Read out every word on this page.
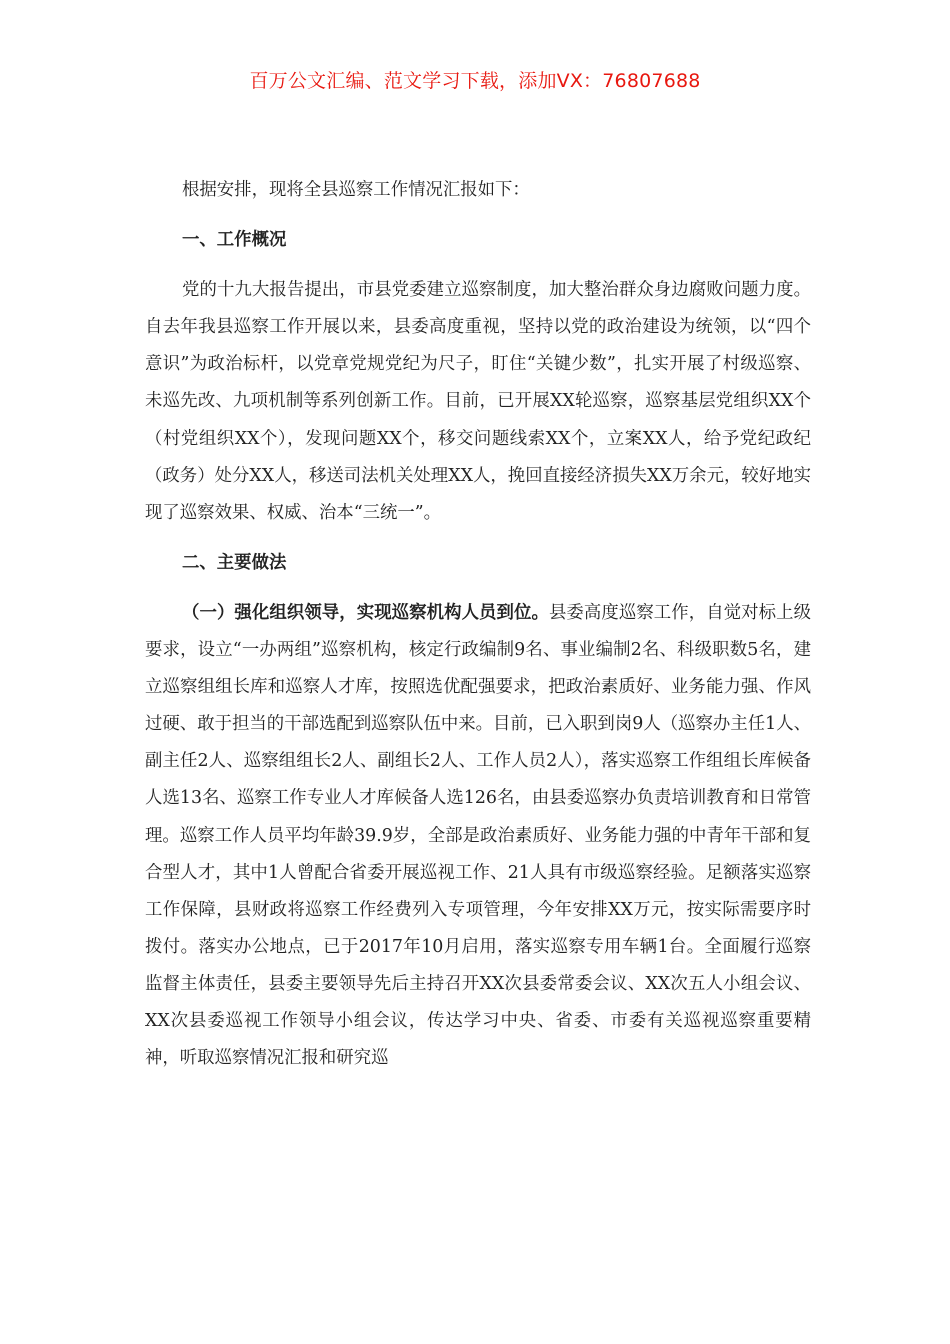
百万公文汇编、范文学习下载，添加VX：76807688

根据安排，现将全县巡察工作情况汇报如下：

一、工作概况

党的十九大报告提出，市县党委建立巡察制度，加大整治群众身边腐败问题力度。自去年我县巡察工作开展以来，县委高度重视，坚持以党的政治建设为统领，以“四个意识”为政治标杆，以党章党规党纪为尺子，盯住“关键少数”，扎实开展了村级巡察、未巡先改、九项机制等系列创新工作。目前，已开展XX轮巡察，巡察基层党组织XX个（村党组织XX个），发现问题XX个，移交问题线索XX个，立案XX人，给予党纪政纪（政务）处分XX人，移送司法机关处理XX人，挽回直接经济损失XX万余元，较好地实现了巡察效果、权威、治本“三统一”。

二、主要做法

（一）强化组织领导，实现巡察机构人员到位。县委高度巡察工作，自觉对标上级要求，设立“一办两组”巡察机构，核定行政编制9名、事业编制2名、科级职数5名，建立巡察组组长库和巡察人才库，按照选优配强要求，把政治素质好、业务能力强、作风过硬、敢于担当的干部选配到巡察队伍中来。目前，已入职到岗9人（巡察办主任1人、副主任2人、巡察组组长2人、副组长2人、工作人员2人），落实巡察工作组组长库候备人选13名、巡察工作专业人才库候备人选126名，由县委巡察办负责培训教育和日常管理。巡察工作人员平均年龄39.9岁，全部是政治素质好、业务能力强的中青年干部和复合型人才，其中1人曾配合省委开展巡视工作、21人具有市级巡察经验。足额落实巡察工作保障，县财政将巡察工作经费列入专项管理，今年安排XX万元，按实际需要序时拨付。落实办公地点，已于2017年10月启用，落实巡察专用车辆1台。全面履行巡察监督主体责任，县委主要领导先后主持召开XX次县委常委会议、XX次五人小组会议、XX次县委巡视工作领导小组会议，传达学习中央、省委、市委有关巡视巡察重要精神，听取巡察情况汇报和研究巡
